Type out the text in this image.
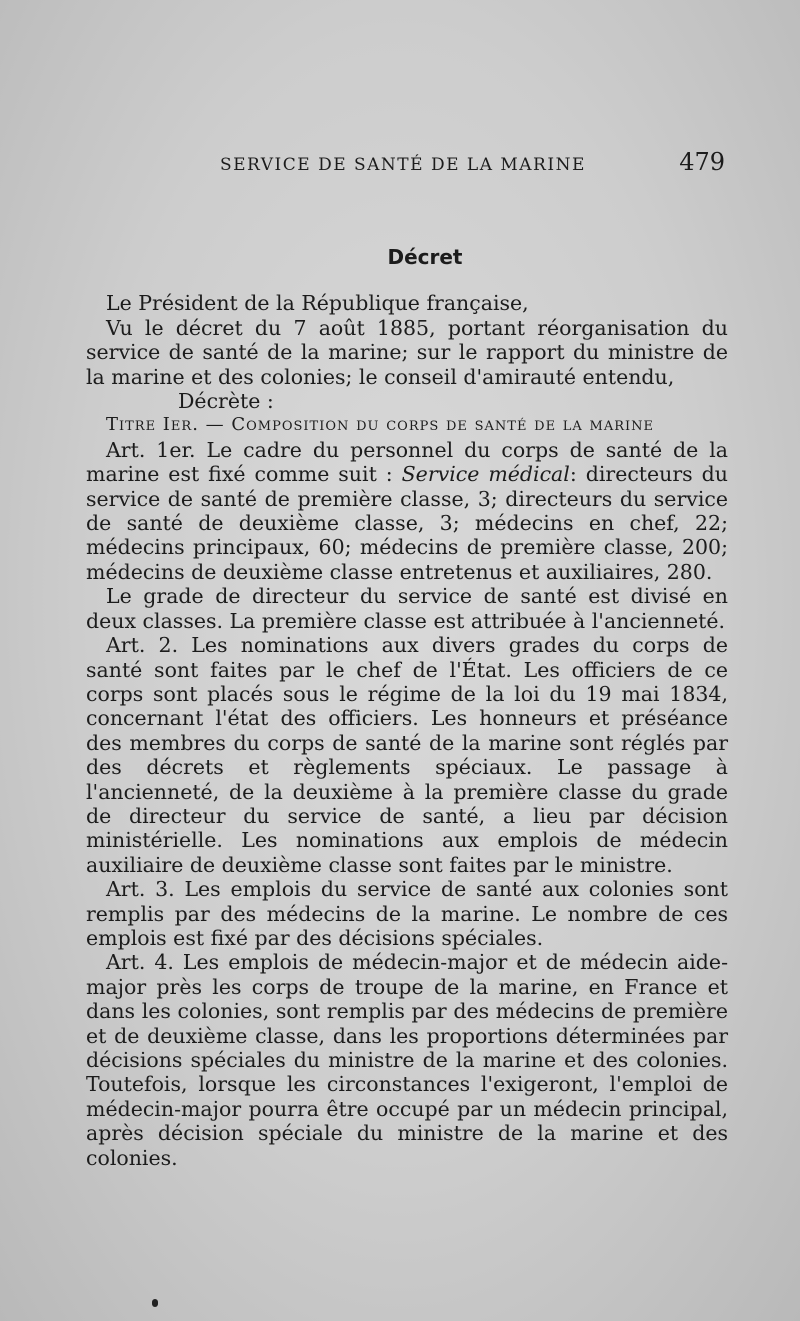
SERVICE DE SANTÉ DE LA MARINE	479
Décret

Le Président de la République française,

Vu le décret du 7 août 1885, portant réorganisation du service de santé de la marine; sur le rapport du ministre de la marine et des colonies; le conseil d'amirauté entendu,

Décrète :

Titre Ier. — Composition du corps de santé de la marine

Art. 1er. Le cadre du personnel du corps de santé de la marine est fixé comme suit : Service médical: directeurs du service de santé de première classe, 3; directeurs du service de santé de deuxième classe, 3; médecins en chef, 22; médecins principaux, 60; médecins de première classe, 200; médecins de deuxième classe entretenus et auxiliaires, 280.

Le grade de directeur du service de santé est divisé en deux classes. La première classe est attribuée à l'ancienneté.

Art. 2. Les nominations aux divers grades du corps de santé sont faites par le chef de l'État. Les officiers de ce corps sont placés sous le régime de la loi du 19 mai 1834, concernant l'état des officiers. Les honneurs et préséance des membres du corps de santé de la marine sont réglés par des décrets et règlements spéciaux. Le passage à l'ancienneté, de la deuxième à la première classe du grade de directeur du service de santé, a lieu par décision ministérielle. Les nominations aux emplois de médecin auxiliaire de deuxième classe sont faites par le ministre.

Art. 3. Les emplois du service de santé aux colonies sont remplis par des médecins de la marine. Le nombre de ces emplois est fixé par des décisions spéciales.

Art. 4. Les emplois de médecin-major et de médecin aide-major près les corps de troupe de la marine, en France et dans les colonies, sont remplis par des médecins de première et de deuxième classe, dans les proportions déterminées par décisions spéciales du ministre de la marine et des colonies. Toutefois, lorsque les circonstances l'exigeront, l'emploi de médecin-major pourra être occupé par un médecin principal, après décision spéciale du ministre de la marine et des colonies.
